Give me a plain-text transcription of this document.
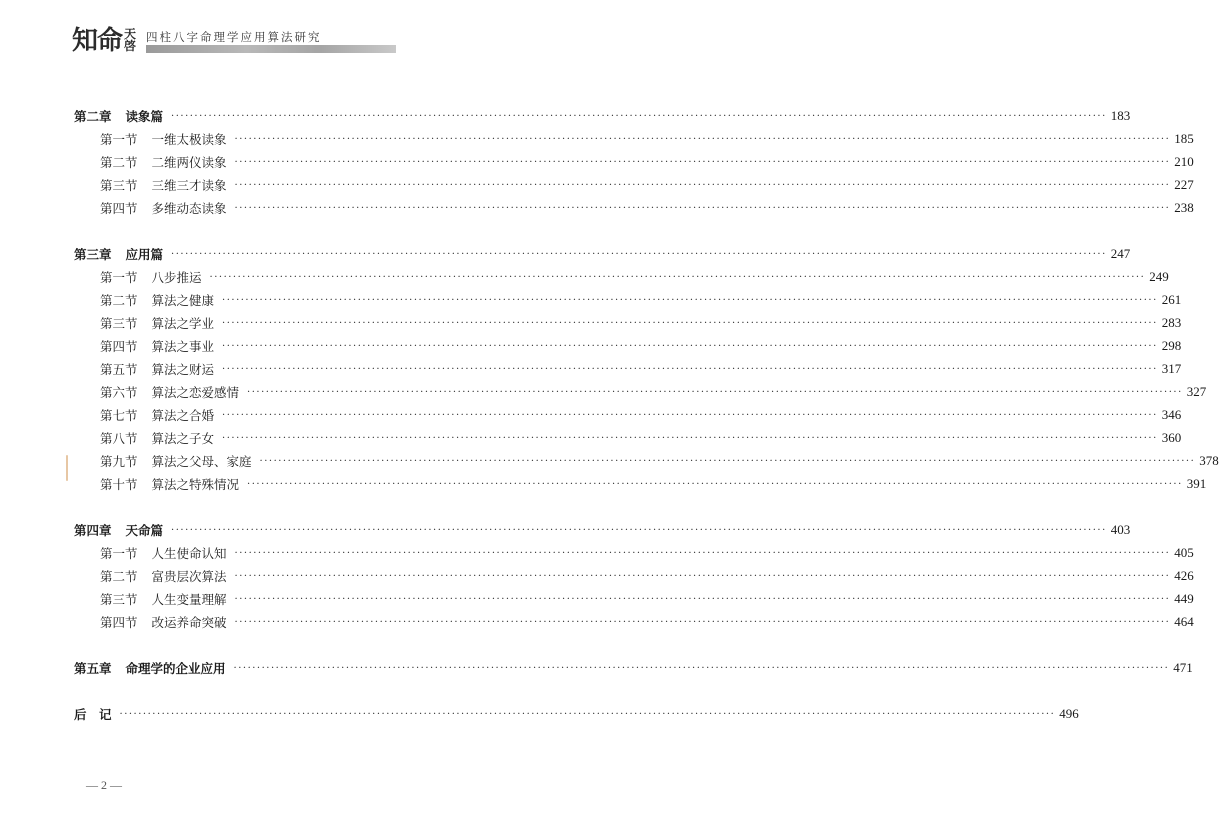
知命 天啓
四柱八字命理学应用算法研究
第二章 读象篇 ········································································································································································································ 183
第一节 一维太极读象 ········································································································································································································ 185
第二节 二维两仪读象 ········································································································································································································ 210
第三节 三维三才读象 ········································································································································································································ 227
第四节 多维动态读象 ········································································································································································································ 238
第三章 应用篇 ········································································································································································································ 247
第一节 八步推运 ········································································································································································································ 249
第二节 算法之健康 ········································································································································································································ 261
第三节 算法之学业 ········································································································································································································ 283
第四节 算法之事业 ········································································································································································································ 298
第五节 算法之财运 ········································································································································································································ 317
第六节 算法之恋爱感情 ········································································································································································································ 327
第七节 算法之合婚 ········································································································································································································ 346
第八节 算法之子女 ········································································································································································································ 360
第九节 算法之父母、家庭 ········································································································································································································ 378
第十节 算法之特殊情况 ········································································································································································································ 391
第四章 天命篇 ········································································································································································································ 403
第一节 人生使命认知 ········································································································································································································ 405
第二节 富贵层次算法 ········································································································································································································ 426
第三节 人生变量理解 ········································································································································································································ 449
第四节 改运养命突破 ········································································································································································································ 464
第五章 命理学的企业应用 ········································································································································································································ 471
后　记 ········································································································································································································ 496
— 2 —
